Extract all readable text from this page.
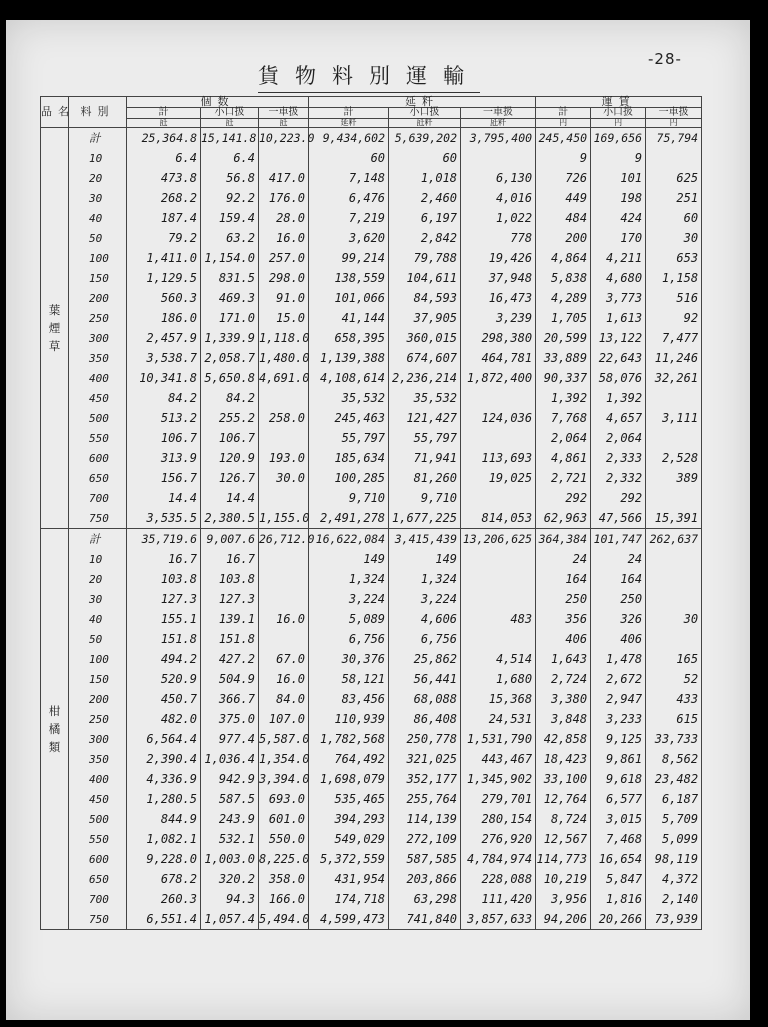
-28-
貨物料別運輸
品名	料別	個数			延粁			運賃		
		計	小口扱	一車扱	計	小口扱	一車扱	計	小口扱	一車扱
		瓩	瓩	瓩	延粁	瓩粁	瓩粁	円	円	円
葉煙草	計	25,364.8	15,141.8	10,223.0	9,434,602	5,639,202	3,795,400	245,450	169,656	75,794
	10	6.4	6.4		60	60		9	9	
	20	473.8	56.8	417.0	7,148	1,018	6,130	726	101	625
	30	268.2	92.2	176.0	6,476	2,460	4,016	449	198	251
	40	187.4	159.4	28.0	7,219	6,197	1,022	484	424	60
	50	79.2	63.2	16.0	3,620	2,842	778	200	170	30
	100	1,411.0	1,154.0	257.0	99,214	79,788	19,426	4,864	4,211	653
	150	1,129.5	831.5	298.0	138,559	104,611	37,948	5,838	4,680	1,158
	200	560.3	469.3	91.0	101,066	84,593	16,473	4,289	3,773	516
	250	186.0	171.0	15.0	41,144	37,905	3,239	1,705	1,613	92
	300	2,457.9	1,339.9	1,118.0	658,395	360,015	298,380	20,599	13,122	7,477
	350	3,538.7	2,058.7	1,480.0	1,139,388	674,607	464,781	33,889	22,643	11,246
	400	10,341.8	5,650.8	4,691.0	4,108,614	2,236,214	1,872,400	90,337	58,076	32,261
	450	84.2	84.2		35,532	35,532		1,392	1,392	
	500	513.2	255.2	258.0	245,463	121,427	124,036	7,768	4,657	3,111
	550	106.7	106.7		55,797	55,797		2,064	2,064	
	600	313.9	120.9	193.0	185,634	71,941	113,693	4,861	2,333	2,528
	650	156.7	126.7	30.0	100,285	81,260	19,025	2,721	2,332	389
	700	14.4	14.4		9,710	9,710		292	292	
	750	3,535.5	2,380.5	1,155.0	2,491,278	1,677,225	814,053	62,963	47,566	15,391
柑橘類	計	35,719.6	9,007.6	26,712.0	16,622,084	3,415,439	13,206,625	364,384	101,747	262,637
	10	16.7	16.7		149	149		24	24	
	20	103.8	103.8		1,324	1,324		164	164	
	30	127.3	127.3		3,224	3,224		250	250	
	40	155.1	139.1	16.0	5,089	4,606	483	356	326	30
	50	151.8	151.8		6,756	6,756		406	406	
	100	494.2	427.2	67.0	30,376	25,862	4,514	1,643	1,478	165
	150	520.9	504.9	16.0	58,121	56,441	1,680	2,724	2,672	52
	200	450.7	366.7	84.0	83,456	68,088	15,368	3,380	2,947	433
	250	482.0	375.0	107.0	110,939	86,408	24,531	3,848	3,233	615
	300	6,564.4	977.4	5,587.0	1,782,568	250,778	1,531,790	42,858	9,125	33,733
	350	2,390.4	1,036.4	1,354.0	764,492	321,025	443,467	18,423	9,861	8,562
	400	4,336.9	942.9	3,394.0	1,698,079	352,177	1,345,902	33,100	9,618	23,482
	450	1,280.5	587.5	693.0	535,465	255,764	279,701	12,764	6,577	6,187
	500	844.9	243.9	601.0	394,293	114,139	280,154	8,724	3,015	5,709
	550	1,082.1	532.1	550.0	549,029	272,109	276,920	12,567	7,468	5,099
	600	9,228.0	1,003.0	8,225.0	5,372,559	587,585	4,784,974	114,773	16,654	98,119
	650	678.2	320.2	358.0	431,954	203,866	228,088	10,219	5,847	4,372
	700	260.3	94.3	166.0	174,718	63,298	111,420	3,956	1,816	2,140
	750	6,551.4	1,057.4	5,494.0	4,599,473	741,840	3,857,633	94,206	20,266	73,939
